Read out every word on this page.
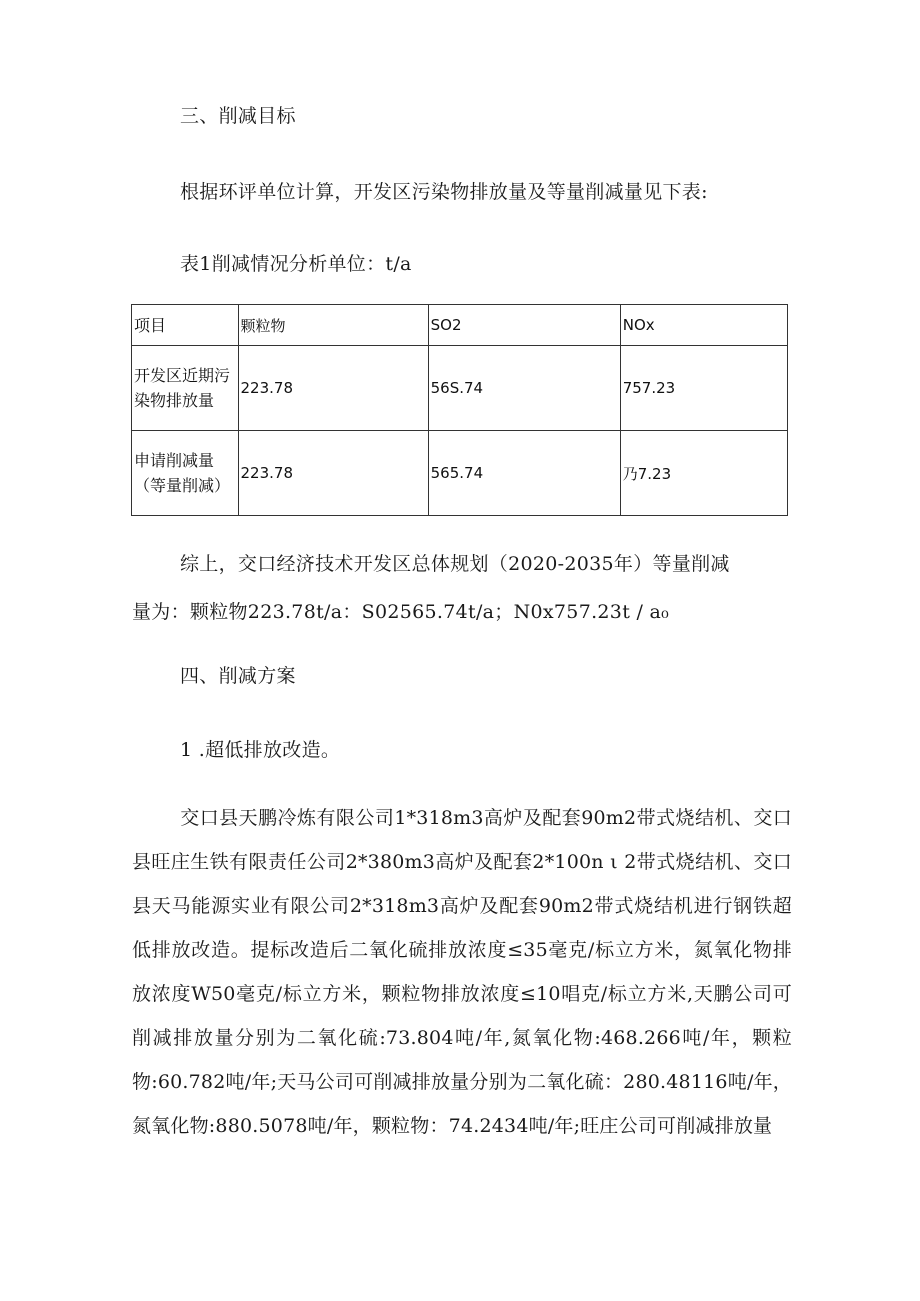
三、削减目标
根据环评单位计算，开发区污染物排放量及等量削减量见下表:
表1削减情况分析单位：t/a
项目	颗粒物	SO2	NOx
开发区近期污染物排放量	223.78	56S.74	757.23
申请削减量（等量削减）	223.78	565.74	乃7.23
综上，交口经济技术开发区总体规划（2020-2035年）等量削减
量为：颗粒物223.78t/a：S02565.74t/a；N0x757.23t / a₀
四、削减方案
1 .超低排放改造。
交口县天鹏冷炼有限公司1*318m3高炉及配套90m2带式烧结机、交口县旺庄生铁有限责任公司2*380m3高炉及配套2*100n ι 2带式烧结机、交口县天马能源实业有限公司2*318m3高炉及配套90m2带式烧结机进行钢铁超低排放改造。提标改造后二氧化硫排放浓度≤35毫克/标立方米，氮氧化物排放浓度W50毫克/标立方米，颗粒物排放浓度≤10唱克/标立方米,天鹏公司可削减排放量分别为二氧化硫:73.804吨/年,氮氧化物:468.266吨/年，颗粒物:60.782吨/年;天马公司可削减排放量分别为二氧化硫：280.48116吨/年，氮氧化物:880.5078吨/年，颗粒物：74.2434吨/年;旺庄公司可削减排放量
